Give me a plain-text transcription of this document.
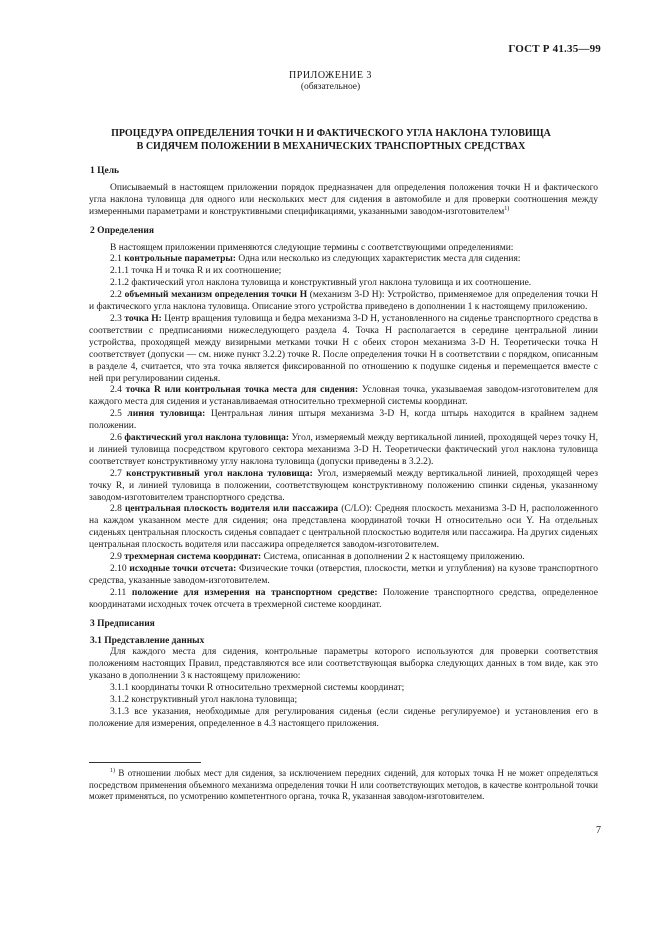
ГОСТ Р 41.35—99
ПРИЛОЖЕНИЕ 3
(обязательное)
ПРОЦЕДУРА ОПРЕДЕЛЕНИЯ ТОЧКИ H И ФАКТИЧЕСКОГО УГЛА НАКЛОНА ТУЛОВИЩА
В СИДЯЧЕМ ПОЛОЖЕНИИ В МЕХАНИЧЕСКИХ ТРАНСПОРТНЫХ СРЕДСТВАХ

1 Цель

Описываемый в настоящем приложении порядок предназначен для определения положения точки H и фактического угла наклона туловища для одного или нескольких мест для сидения в автомобиле и для проверки соотношения между измеренными параметрами и конструктивными спецификациями, указанными заводом-изготовителем$^{1)}$

2 Определения

В настоящем приложении применяются следующие термины с соответствующими определениями:

2.1 контрольные параметры: Одна или несколько из следующих характеристик места для сидения:

2.1.1 точка H и точка R и их соотношение;

2.1.2 фактический угол наклона туловища и конструктивный угол наклона туловища и их соотношение.

2.2 объемный механизм определения точки H (механизм 3-D H): Устройство, применяемое для определения точки H и фактического угла наклона туловища. Описание этого устройства приведено в дополнении 1 к настоящему приложению.

2.3 точка H: Центр вращения туловища и бедра механизма 3-D H, установленного на сиденье транспортного средства в соответствии с предписаниями нижеследующего раздела 4. Точка H располагается в середине центральной линии устройства, проходящей между визирными метками точки H с обеих сторон механизма 3-D H. Теоретически точка H соответствует (допуски — см. ниже пункт 3.2.2) точке R. После определения точки H в соответствии с порядком, описанным в разделе 4, считается, что эта точка является фиксированной по отношению к подушке сиденья и перемещается вместе с ней при регулировании сиденья.

2.4 точка R или контрольная точка места для сидения: Условная точка, указываемая заводом-изготовителем для каждого места для сидения и устанавливаемая относительно трехмерной системы координат.

2.5 линия туловища: Центральная линия штыря механизма 3-D H, когда штырь находится в крайнем заднем положении.

2.6 фактический угол наклона туловища: Угол, измеряемый между вертикальной линией, проходящей через точку H, и линией туловища посредством кругового сектора механизма 3-D H. Теоретически фактический угол наклона туловища соответствует конструктивному углу наклона туловища (допуски приведены в 3.2.2).

2.7 конструктивный угол наклона туловища: Угол, измеряемый между вертикальной линией, проходящей через точку R, и линией туловища в положении, соответствующем конструктивному положению спинки сиденья, указанному заводом-изготовителем транспортного средства.

2.8 центральная плоскость водителя или пассажира (C/LO): Средняя плоскость механизма 3-D H, расположенного на каждом указанном месте для сидения; она представлена координатой точки H относительно оси Y. На отдельных сиденьях центральная плоскость сиденья совпадает с центральной плоскостью водителя или пассажира. На других сиденьях центральная плоскость водителя или пассажира определяется заводом-изготовителем.

2.9 трехмерная система координат: Система, описанная в дополнении 2 к настоящему приложению.

2.10 исходные точки отсчета: Физические точки (отверстия, плоскости, метки и углубления) на кузове транспортного средства, указанные заводом-изготовителем.

2.11 положение для измерения на транспортном средстве: Положение транспортного средства, определенное координатами исходных точек отсчета в трехмерной системе координат.

3 Предписания

3.1 Представление данных

Для каждого места для сидения, контрольные параметры которого используются для проверки соответствия положениям настоящих Правил, представляются все или соответствующая выборка следующих данных в том виде, как это указано в дополнении 3 к настоящему приложению:

3.1.1 координаты точки R относительно трехмерной системы координат;

3.1.2 конструктивный угол наклона туловища;

3.1.3 все указания, необходимые для регулирования сиденья (если сиденье регулируемое) и установления его в положение для измерения, определенное в 4.3 настоящего приложения.

$^{1)}$ В отношении любых мест для сидения, за исключением передних сидений, для которых точка H не может определяться посредством применения объемного механизма определения точки H или соответствующих методов, в качестве контрольной точки может применяться, по усмотрению компетентного органа, точка R, указанная заводом-изготовителем.
7
